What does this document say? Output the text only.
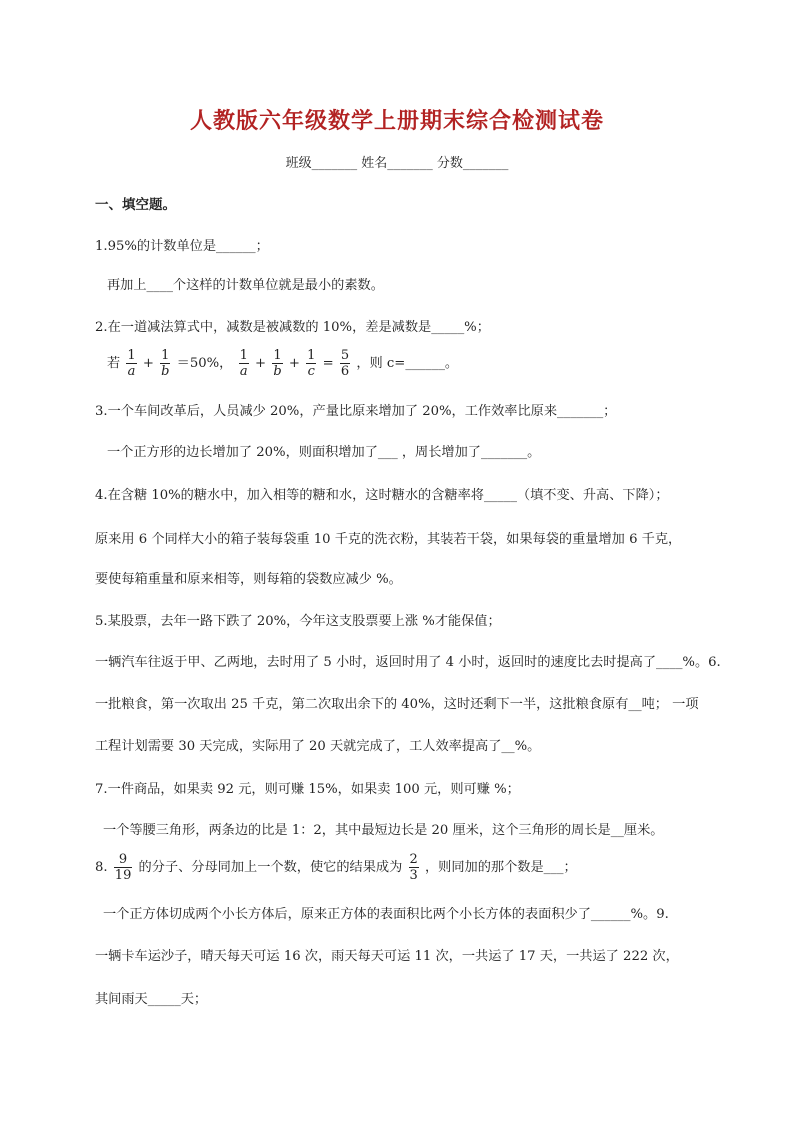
人教版六年级数学上册期末综合检测试卷
班级_______ 姓名_______ 分数_______
一、填空题。
1.95%的计数单位是______；
再加上____个这样的计数单位就是最小的素数。
2.在一道减法算式中，减数是被减数的 10%，差是减数是_____%；
若 $\frac{1}{a} + \frac{1}{b} =50\%$， $\frac{1}{a} + \frac{1}{b} + \frac{1}{c} = \frac{5}{6}$ ，则 c=______。
3.一个车间改革后，人员减少 20%，产量比原来增加了 20%，工作效率比原来_______；
一个正方形的边长增加了 20%，则面积增加了___ ，周长增加了_______。
4.在含糖 10%的糖水中，加入相等的糖和水，这时糖水的含糖率将_____（填不变、升高、下降）；
原来用 6 个同样大小的箱子装每袋重 10 千克的洗衣粉，其装若干袋，如果每袋的重量增加 6 千克，
要使每箱重量和原来相等，则每箱的袋数应减少 %。
5.某股票，去年一路下跌了 20%，今年这支股票要上涨 %才能保值；
一辆汽车往返于甲、乙两地，去时用了 5 小时，返回时用了 4 小时，返回时的速度比去时提高了____%。6.
一批粮食，第一次取出 25 千克，第二次取出余下的 40%，这时还剩下一半，这批粮食原有__吨； 一项
工程计划需要 30 天完成，实际用了 20 天就完成了，工人效率提高了__%。
7.一件商品，如果卖 92 元，则可赚 15%，如果卖 100 元，则可赚 %；
一个等腰三角形，两条边的比是 1：2，其中最短边长是 20 厘米，这个三角形的周长是__厘米。
8. $\frac{9}{19}$ 的分子、分母同加上一个数，使它的结果成为 $\frac{2}{3}$ ，则同加的那个数是___；
一个正方体切成两个小长方体后，原来正方体的表面积比两个小长方体的表面积少了______%。9.
一辆卡车运沙子，晴天每天可运 16 次，雨天每天可运 11 次，一共运了 17 天，一共运了 222 次，
其间雨天_____天；
